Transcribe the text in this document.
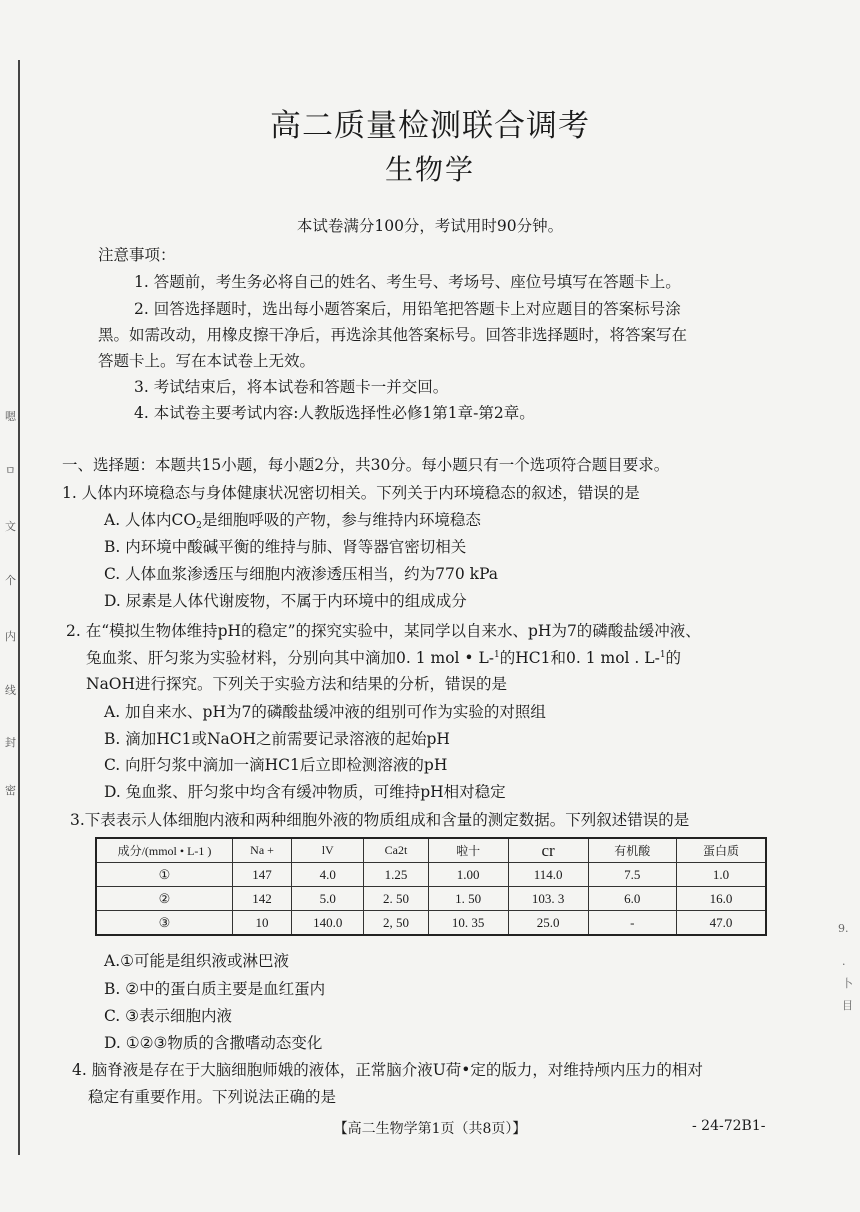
嗯
ㅁ
文
个
内
线
封
密
9.
·
卜
目
高二质量检测联合调考
生物学
本试卷满分100分，考试用时90分钟。
注意事项：
1. 答题前，考生务必将自己的姓名、考生号、考场号、座位号填写在答题卡上。
2. 回答选择题时，选出每小题答案后，用铅笔把答题卡上对应题目的答案标号涂
黑。如需改动，用橡皮擦干净后，再选涂其他答案标号。回答非选择题时，将答案写在
答题卡上。写在本试卷上无效。
3. 考试结束后，将本试卷和答题卡一并交回。
4. 本试卷主要考试内容:人教版选择性必修1第1章-第2章。
一、选择题：本题共15小题，每小题2分，共30分。每小题只有一个选项符合题目要求。
1. 人体内环境稳态与身体健康状况密切相关。下列关于内环境稳态的叙述，错误的是
A. 人体内$CO_2$是细胞呼吸的产物，参与维持内环境稳态
B. 内环境中酸碱平衡的维持与肺、肾等器官密切相关
C. 人体血浆渗透压与细胞内液渗透压相当，约为770 kPa
D. 尿素是人体代谢废物，不属于内环境中的组成成分
2. 在“模拟生物体维持pH的稳定”的探究实验中，某同学以自来水、pH为7的磷酸盐缓冲液、
兔血浆、肝匀浆为实验材料，分别向其中滴加0. 1 mol • L-$^1$的HC1和0. 1 mol . L-$^1$的
NaOH进行探究。下列关于实验方法和结果的分析，错误的是
A. 加自来水、pH为7的磷酸盐缓冲液的组别可作为实验的对照组
B. 滴加HC1或NaOH之前需要记录溶液的起始pH
C. 向肝匀浆中滴加一滴HC1后立即检测溶液的pH
D. 兔血浆、肝匀浆中均含有缓冲物质，可维持pH相对稳定
3.下表表示人体细胞内液和两种细胞外液的物质组成和含量的测定数据。下列叙述错误的是
成分/(mmol • L-1 )	Na +	lV	Ca2t	啦十	cr	有机酸	蛋白质
①	147	4.0	1.25	1.00	114.0	7.5	1.0
②	142	5.0	2. 50	1. 50	103. 3	6.0	16.0
③	10	140.0	2, 50	10. 35	25.0	-	47.0
A.①可能是组织液或淋巴液
B. ②中的蛋白质主要是血红蛋内
C. ③表示细胞内液
D. ①②③物质的含撒嗜动态变化
4. 脑脊液是存在于大脑细胞师娥的液体，正常脑介液U荷•定的版力，对维持颅内压力的相对
稳定有重要作用。下列说法正确的是
【高二生物学第1页（共8页）】	- 24-72B1-
